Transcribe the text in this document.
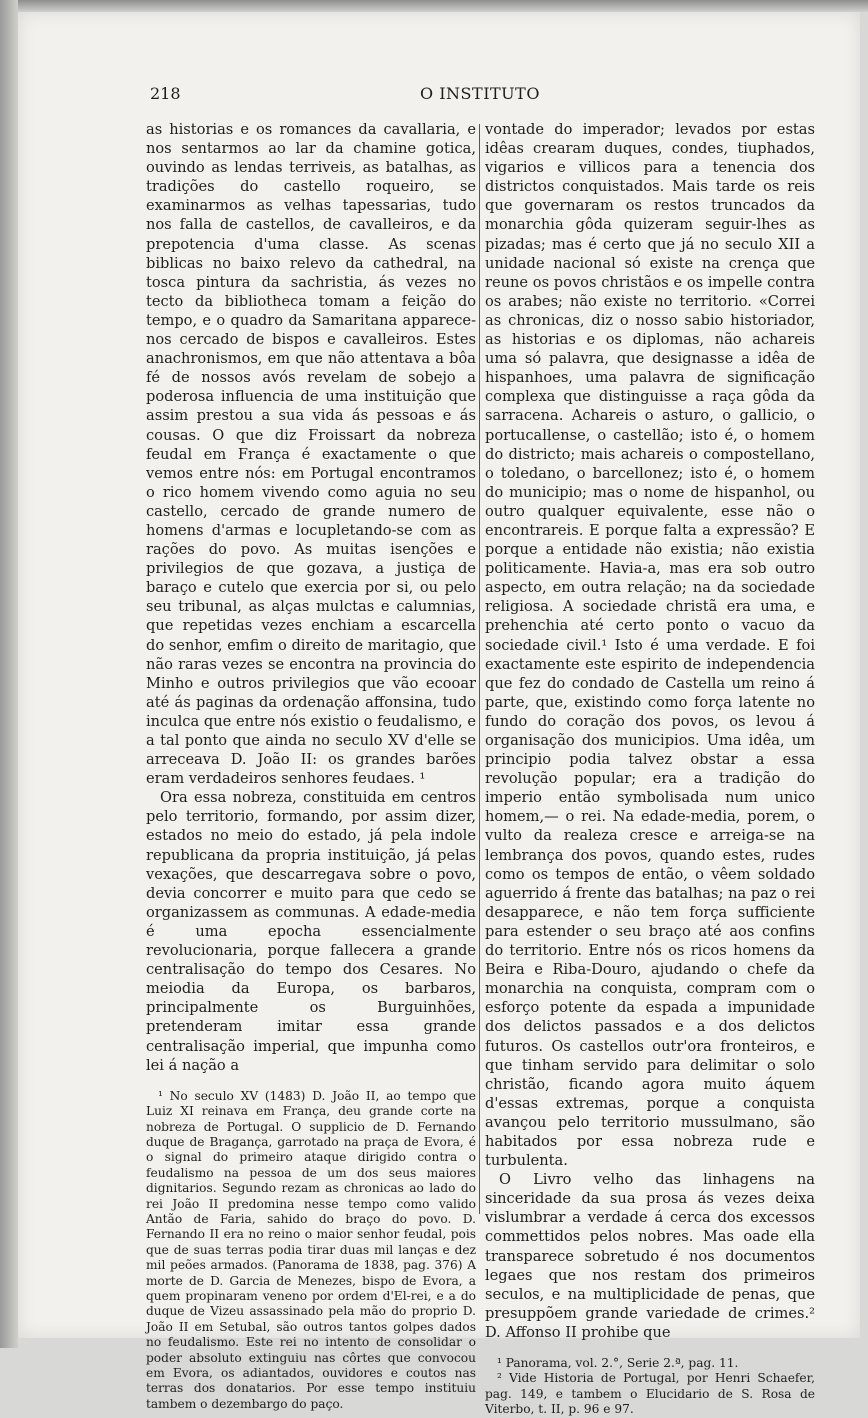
218	O INSTITUTO

as historias e os romances da cavallaria, e nos sentarmos ao lar da chamine gotica, ouvindo as lendas terriveis, as batalhas, as tradições do castello roqueiro, se examinarmos as velhas tapessarias, tudo nos falla de castellos, de cavalleiros, e da prepotencia d'uma classe. As scenas biblicas no baixo relevo da cathedral, na tosca pintura da sachristia, ás vezes no tecto da bibliotheca tomam a feição do tempo, e o quadro da Samaritana apparece-nos cercado de bispos e cavalleiros. Estes anachronismos, em que não attentava a bôa fé de nossos avós revelam de sobejo a poderosa influencia de uma instituição que assim prestou a sua vida ás pessoas e ás cousas. O que diz Froissart da nobreza feudal em França é exactamente o que vemos entre nós: em Portugal encontramos o rico homem vivendo como aguia no seu castello, cercado de grande numero de homens d'armas e locupletando-se com as rações do povo. As muitas isenções e privilegios de que gozava, a justiça de baraço e cutelo que exercia por si, ou pelo seu tribunal, as alças mulctas e calumnias, que repetidas vezes enchiam a escarcella do senhor, emfim o direito de maritagio, que não raras vezes se encontra na provincia do Minho e outros privilegios que vão ecooar até ás paginas da ordenação affonsina, tudo inculca que entre nós existio o feudalismo, e a tal ponto que ainda no seculo XV d'elle se arreceava D. João II: os grandes barões eram verdadeiros senhores feudaes. ¹

Ora essa nobreza, constituida em centros pelo territorio, formando, por assim dizer, estados no meio do estado, já pela indole republicana da propria instituição, já pelas vexações, que descarregava sobre o povo, devia concorrer e muito para que cedo se organizassem as communas. A edade-media é uma epocha essencialmente revolucionaria, porque fallecera a grande centralisação do tempo dos Cesares. No meiodia da Europa, os barbaros, principalmente os Burguinhões, pretenderam imitar essa grande centralisação imperial, que impunha como lei á nação a

¹ No seculo XV (1483) D. João II, ao tempo que Luiz XI reinava em França, deu grande corte na nobreza de Portugal. O supplicio de D. Fernando duque de Bragança, garrotado na praça de Evora, é o signal do primeiro ataque dirigido contra o feudalismo na pessoa de um dos seus maiores dignitarios. Segundo rezam as chronicas ao lado do rei João II predomina nesse tempo como valido Antão de Faria, sahido do braço do povo. D. Fernando II era no reino o maior senhor feudal, pois que de suas terras podia tirar duas mil lanças e dez mil peões armados. (Panorama de 1838, pag. 376) A morte de D. Garcia de Menezes, bispo de Evora, a quem propinaram veneno por ordem d'El-rei, e a do duque de Vizeu assassinado pela mão do proprio D. João II em Setubal, são outros tantos golpes dados no feudalismo. Este rei no intento de consolidar o poder absoluto extinguiu nas côrtes que convocou em Evora, os adiantados, ouvidores e coutos nas terras dos donatarios. Por esse tempo instituiu tambem o dezembargo do paço.

vontade do imperador; levados por estas idêas crearam duques, condes, tiuphados, vigarios e villicos para a tenencia dos districtos conquistados. Mais tarde os reis que governaram os restos truncados da monarchia gôda quizeram seguir-lhes as pizadas; mas é certo que já no seculo XII a unidade nacional só existe na crença que reune os povos christãos e os impelle contra os arabes; não existe no territorio. «Correi as chronicas, diz o nosso sabio historiador, as historias e os diplomas, não achareis uma só palavra, que designasse a idêa de hispanhoes, uma palavra de significação complexa que distinguisse a raça gôda da sarracena. Achareis o asturo, o gallicio, o portucallense, o castellão; isto é, o homem do districto; mais achareis o compostellano, o toledano, o barcellonez; isto é, o homem do municipio; mas o nome de hispanhol, ou outro qualquer equivalente, esse não o encontrareis. E porque falta a expressão? E porque a entidade não existia; não existia politicamente. Havia-a, mas era sob outro aspecto, em outra relação; na da sociedade religiosa. A sociedade christã era uma, e prehenchia até certo ponto o vacuo da sociedade civil.¹ Isto é uma verdade. E foi exactamente este espirito de independencia que fez do condado de Castella um reino á parte, que, existindo como força latente no fundo do coração dos povos, os levou á organisação dos municipios. Uma idêa, um principio podia talvez obstar a essa revolução popular; era a tradição do imperio então symbolisada num unico homem,— o rei. Na edade-media, porem, o vulto da realeza cresce e arreiga-se na lembrança dos povos, quando estes, rudes como os tempos de então, o vêem soldado aguerrido á frente das batalhas; na paz o rei desapparece, e não tem força sufficiente para estender o seu braço até aos confins do territorio. Entre nós os ricos homens da Beira e Riba-Douro, ajudando o chefe da monarchia na conquista, compram com o esforço potente da espada a impunidade dos delictos passados e a dos delictos futuros. Os castellos outr'ora fronteiros, e que tinham servido para delimitar o solo christão, ficando agora muito áquem d'essas extremas, porque a conquista avançou pelo territorio mussulmano, são habitados por essa nobreza rude e turbulenta.

O Livro velho das linhagens na sinceridade da sua prosa ás vezes deixa vislumbrar a verdade á cerca dos excessos commettidos pelos nobres. Mas oade ella transparece sobretudo é nos documentos legaes que nos restam dos primeiros seculos, e na multiplicidade de penas, que presuppõem grande variedade de crimes.² D. Affonso II prohibe que

¹ Panorama, vol. 2.°, Serie 2.ª, pag. 11.

² Vide Historia de Portugal, por Henri Schaefer, pag. 149, e tambem o Elucidario de S. Rosa de Viterbo, t. II, p. 96 e 97.
